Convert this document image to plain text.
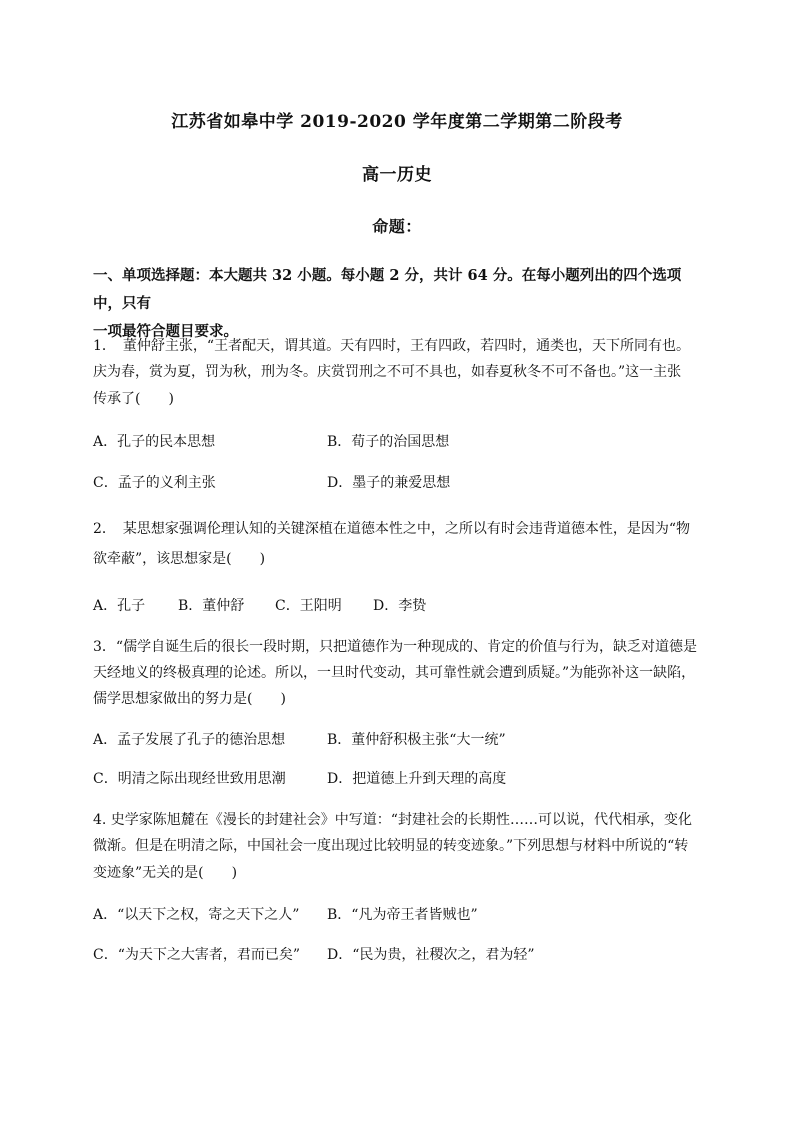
江苏省如皋中学 2019-2020 学年度第二学期第二阶段考
高一历史
命题：
一、单项选择题：本大题共 32 小题。每小题 2 分，共计 64 分。在每小题列出的四个选项中，只有
一项最符合题目要求。
1．　董仲舒主张，“王者配天，谓其道。天有四时，王有四政，若四时，通类也，天下所同有也。
庆为春，赏为夏，罚为秋，刑为冬。庆赏罚刑之不可不具也，如春夏秋冬不可不备也。”这一主张
传承了(　　)
A．孔子的民本思想	B．荀子的治国思想
C．孟子的义利主张	D．墨子的兼爱思想
2．　某思想家强调伦理认知的关键深植在道德本性之中，之所以有时会违背道德本性，是因为“物
欲牵蔽”，该思想家是(　　)
A．孔子 B．董仲舒 C．王阳明 D．李贽
3．“儒学自诞生后的很长一段时期，只把道德作为一种现成的、肯定的价值与行为，缺乏对道德是
天经地义的终极真理的论述。所以，一旦时代变动，其可靠性就会遭到质疑。”为能弥补这一缺陷，
儒学思想家做出的努力是(　　)
A．孟子发展了孔子的德治思想	B．董仲舒积极主张“大一统”
C．明清之际出现经世致用思潮	D．把道德上升到天理的高度
4. 史学家陈旭麓在《漫长的封建社会》中写道：“封建社会的长期性……可以说，代代相承，变化
微渐。但是在明清之际，中国社会一度出现过比较明显的转变迹象。”下列思想与材料中所说的“转
变迹象”无关的是(　　)
A．“以天下之权，寄之天下之人” B．“凡为帝王者皆贼也”
C．“为天下之大害者，君而已矣” D．“民为贵，社稷次之，君为轻”
